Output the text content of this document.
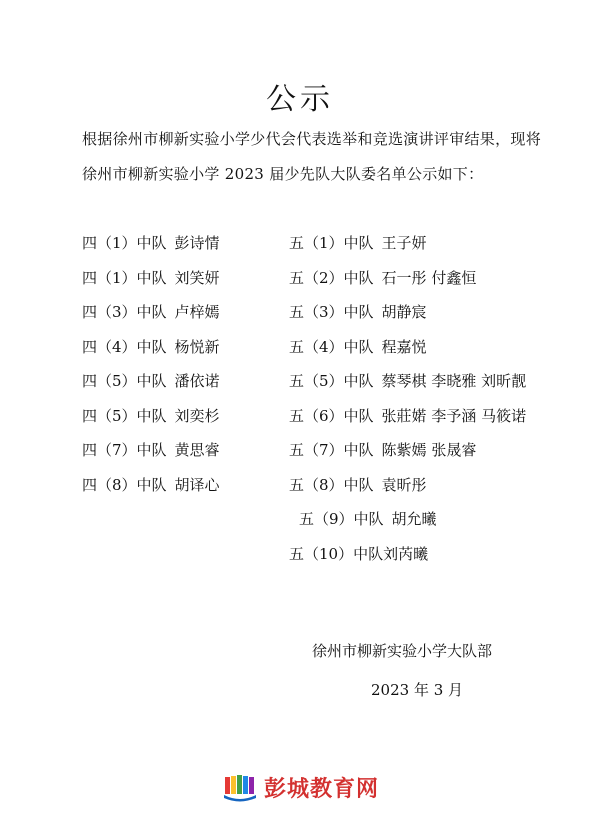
公示
根据徐州市柳新实验小学少代会代表选举和竞选演讲评审结果，现将
徐州市柳新实验小学 2023 届少先队大队委名单公示如下：
四（1）中队 彭诗情
四（1）中队 刘笑妍
四（3）中队 卢梓嫣
四（4）中队 杨悦新
四（5）中队 潘依诺
四（5）中队 刘奕杉
四（7）中队 黄思睿
四（8）中队 胡译心
五（1）中队 王子妍
五（2）中队 石一彤 付鑫恒
五（3）中队 胡静宸
五（4）中队 程嘉悦
五（5）中队 蔡琴棋 李晓雅 刘昕靓
五（6）中队 张莊婼 李予涵 马筱诺
五（7）中队 陈紫嫣 张晟睿
五（8）中队 袁昕彤
五（9）中队 胡允曦
五（10）中队刘芮曦
徐州市柳新实验小学大队部
2023 年 3 月
彭城教育网
